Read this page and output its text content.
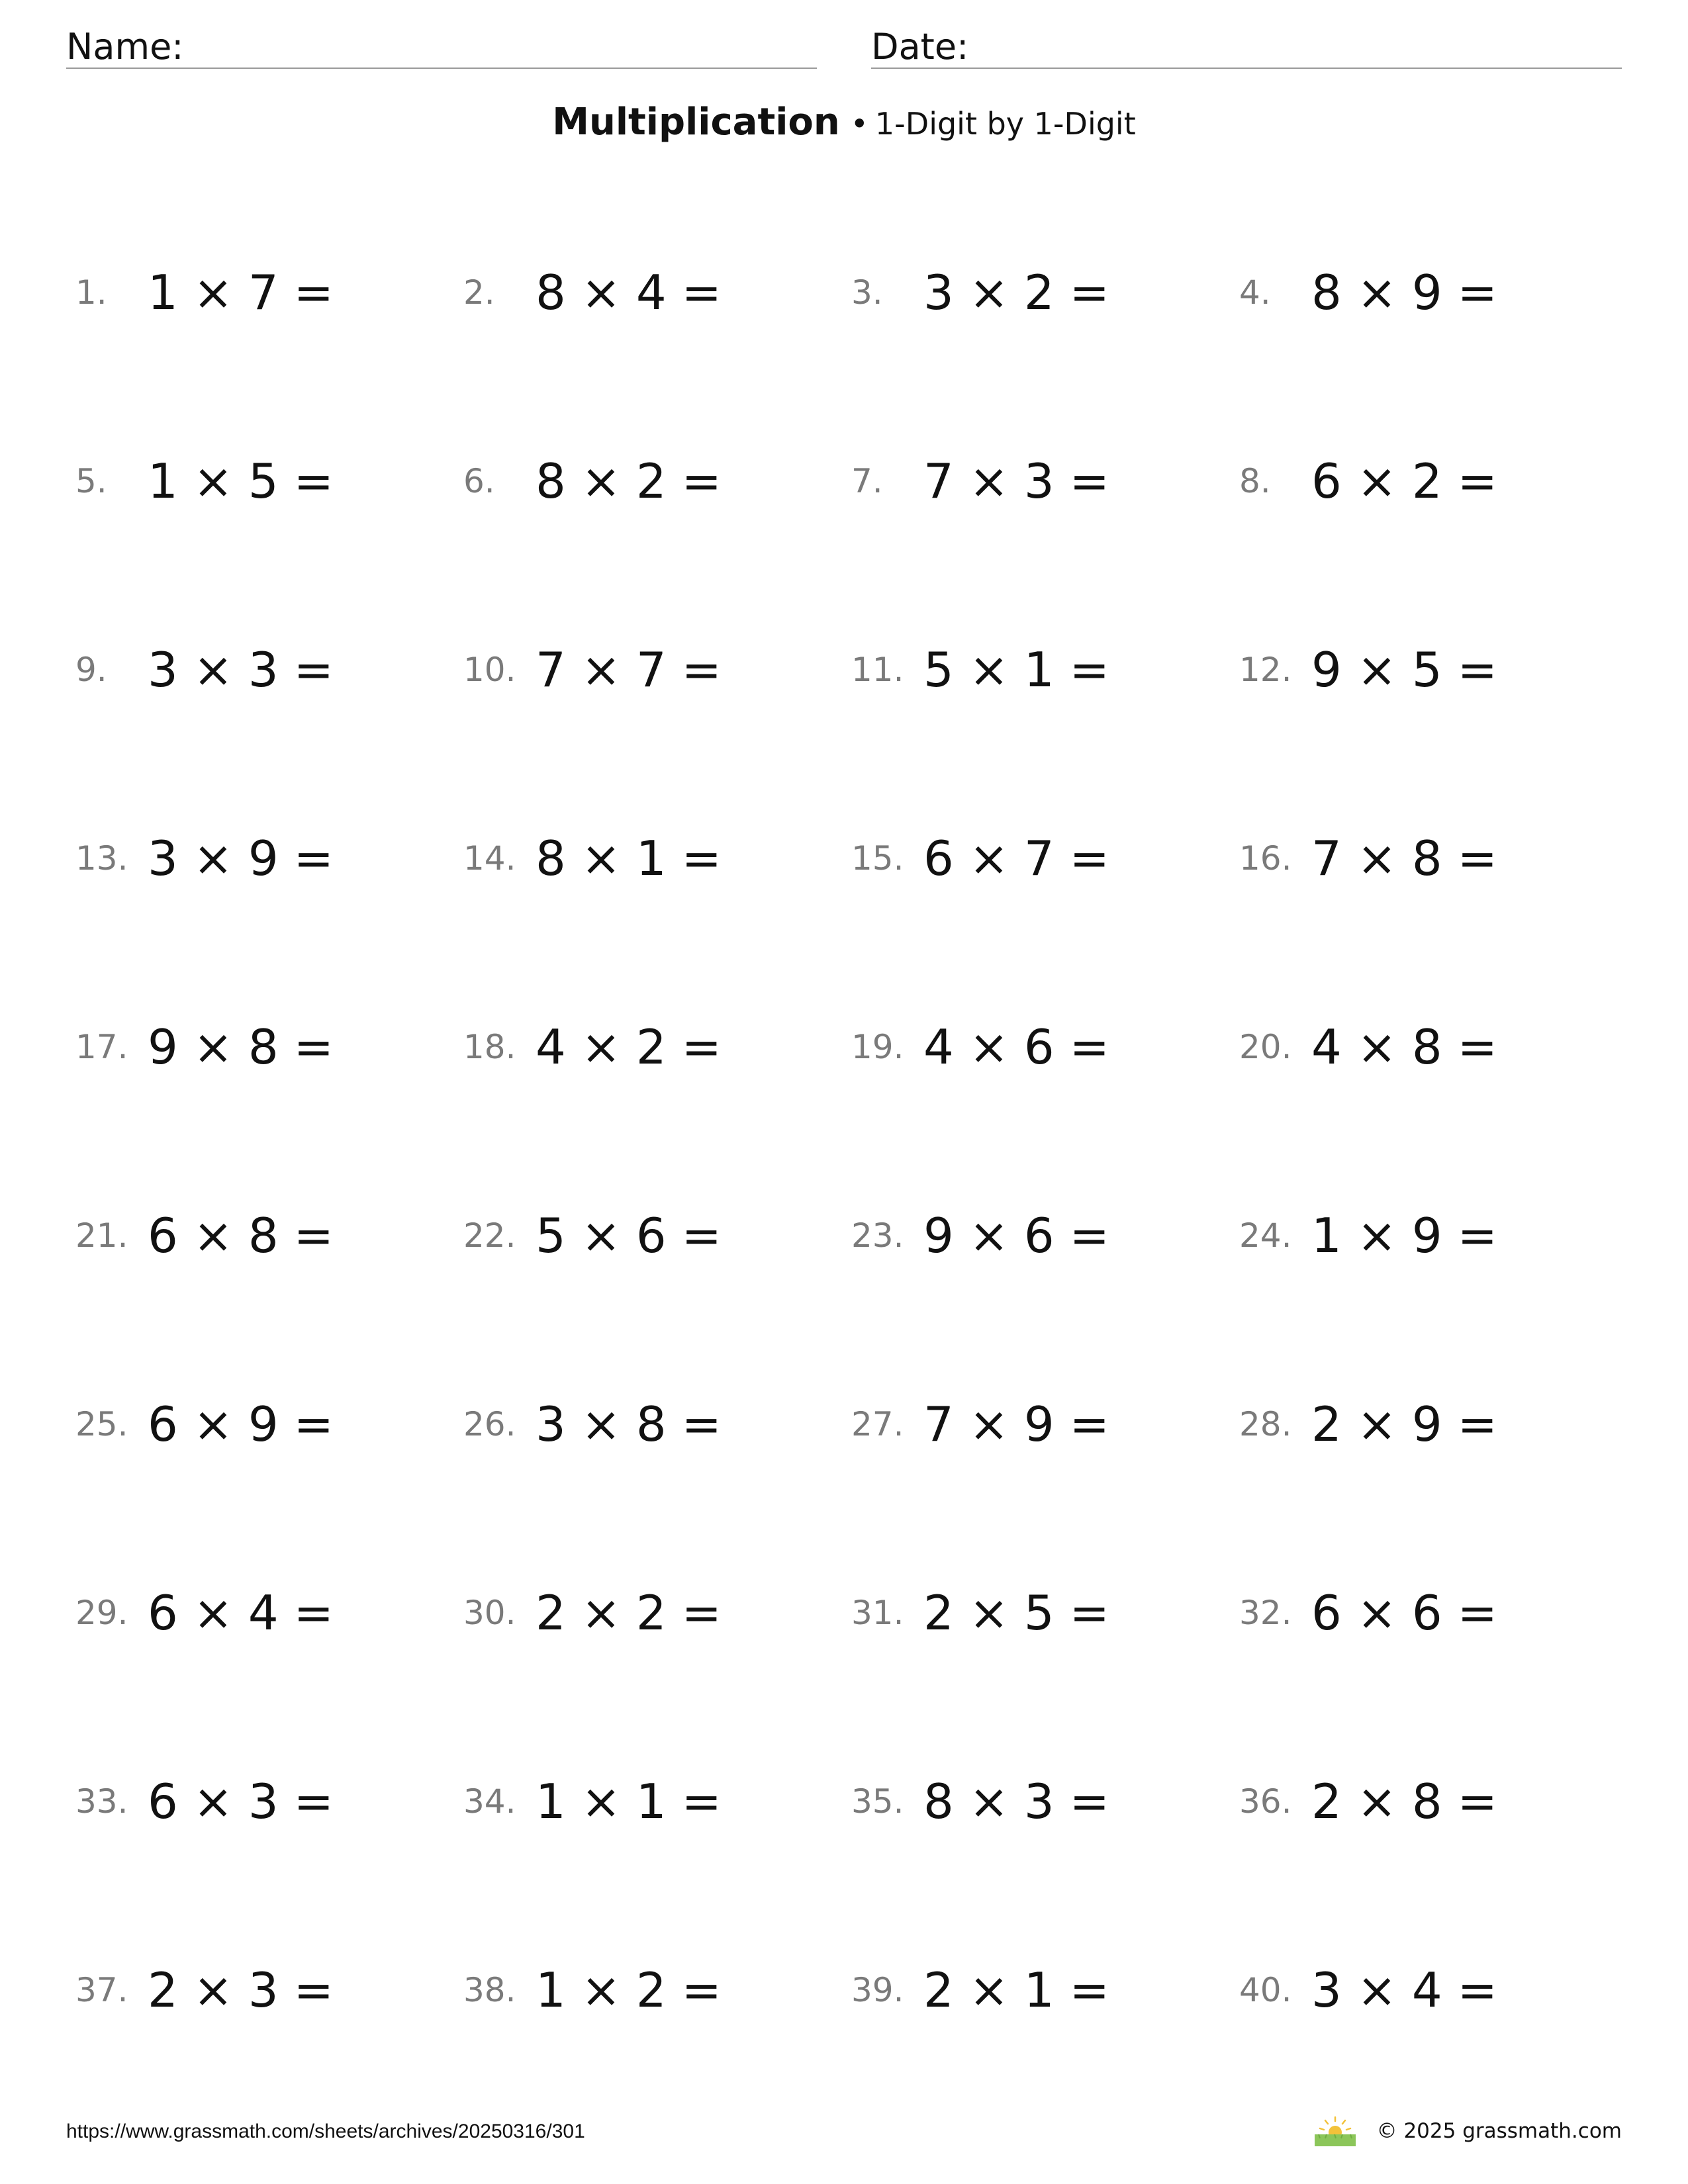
Name:	Date:
Multiplication • 1-Digit by 1-Digit
1. 1 × 7 =	2. 8 × 4 =	3. 3 × 2 =	4. 8 × 9 =
5. 1 × 5 =	6. 8 × 2 =	7. 7 × 3 =	8. 6 × 2 =
9. 3 × 3 =	10. 7 × 7 =	11. 5 × 1 =	12. 9 × 5 =
13. 3 × 9 =	14. 8 × 1 =	15. 6 × 7 =	16. 7 × 8 =
17. 9 × 8 =	18. 4 × 2 =	19. 4 × 6 =	20. 4 × 8 =
21. 6 × 8 =	22. 5 × 6 =	23. 9 × 6 =	24. 1 × 9 =
25. 6 × 9 =	26. 3 × 8 =	27. 7 × 9 =	28. 2 × 9 =
29. 6 × 4 =	30. 2 × 2 =	31. 2 × 5 =	32. 6 × 6 =
33. 6 × 3 =	34. 1 × 1 =	35. 8 × 3 =	36. 2 × 8 =
37. 2 × 3 =	38. 1 × 2 =	39. 2 × 1 =	40. 3 × 4 =
https://www.grassmath.com/sheets/archives/20250316/301	© 2025 grassmath.com
